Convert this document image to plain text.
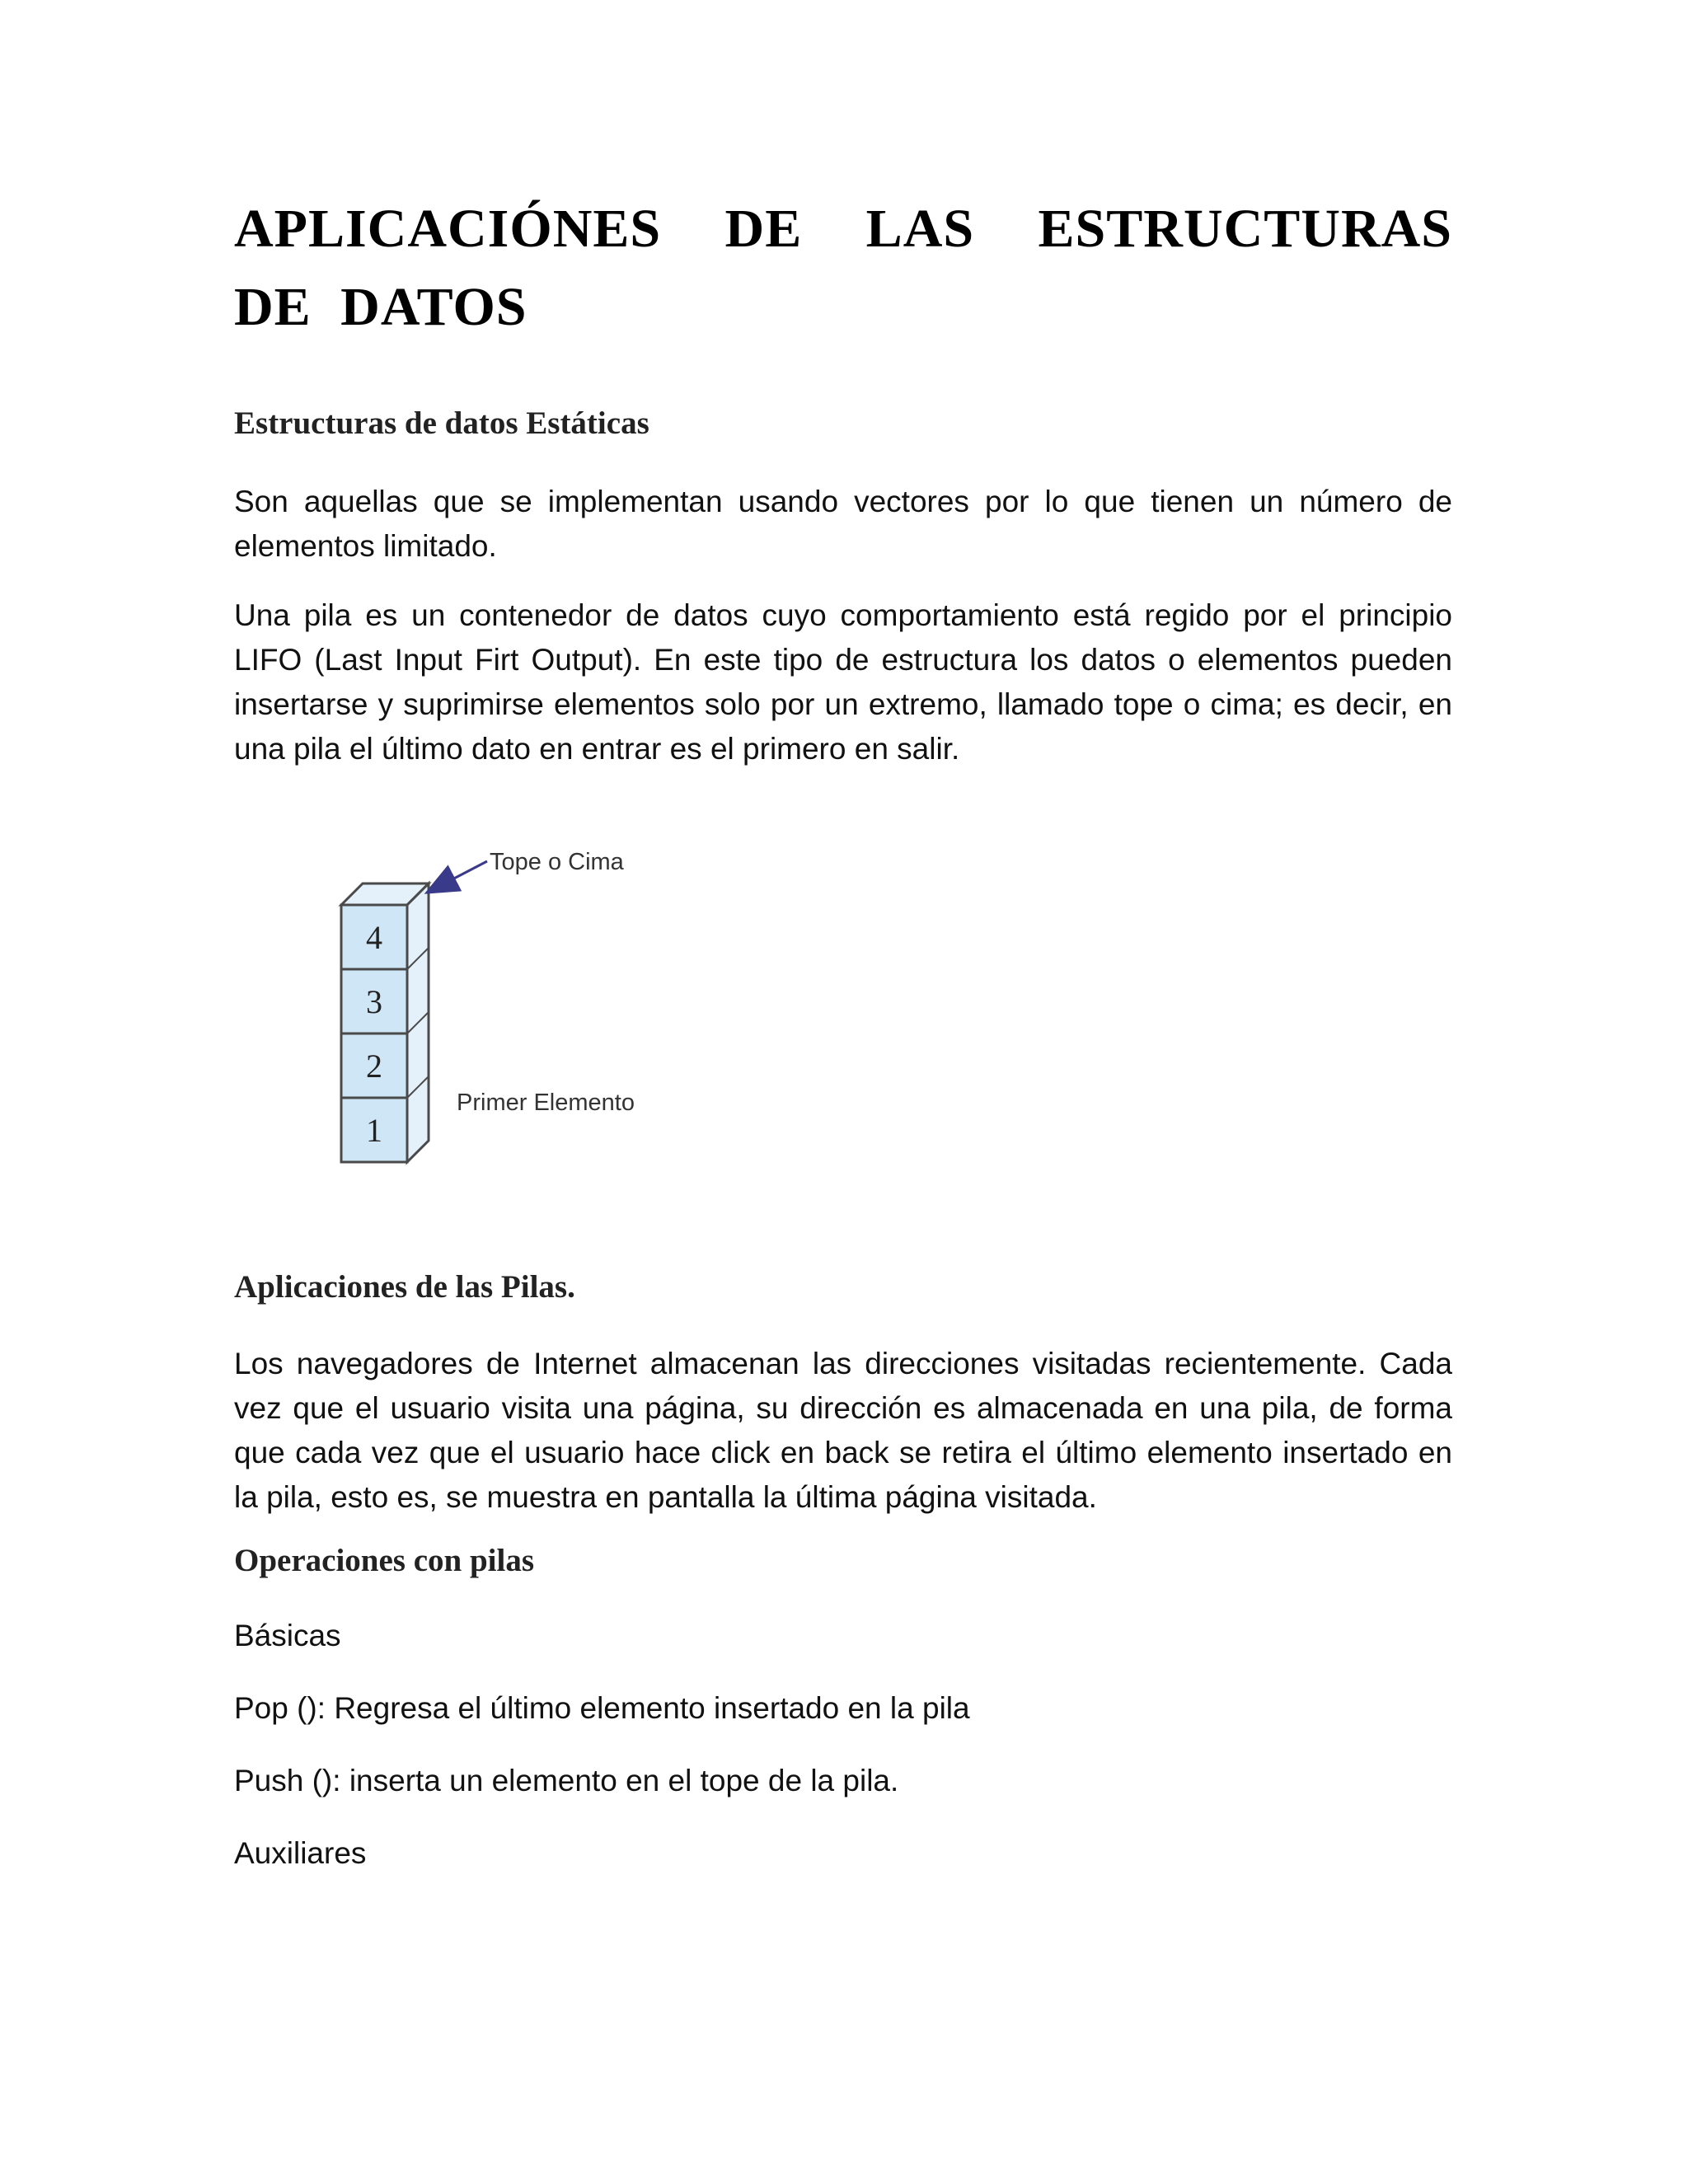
APLICACIÓNES DE LAS ESTRUCTURAS DE DATOS
Estructuras de datos Estáticas

Son aquellas que se implementan usando vectores por lo que tienen un número de elementos limitado.

Una pila es un contenedor de datos cuyo comportamiento está regido por el principio LIFO (Last Input Firt Output). En este tipo de estructura los datos o elementos pueden insertarse y suprimirse elementos solo por un extremo, llamado tope o cima; es decir, en una pila el último dato en entrar es el primero en salir.

4
3
2
1
Tope o Cima
Primer Elemento
Aplicaciones de las Pilas.

Los navegadores de Internet almacenan las direcciones visitadas recientemente. Cada vez que el usuario visita una página, su dirección es almacenada en una pila, de forma que cada vez que el usuario hace click en back se retira el último elemento insertado en la pila, esto es, se muestra en pantalla la última página visitada.

Operaciones con pilas

Básicas

Pop (): Regresa el último elemento insertado en la pila

Push (): inserta un elemento en el tope de la pila.

Auxiliares
